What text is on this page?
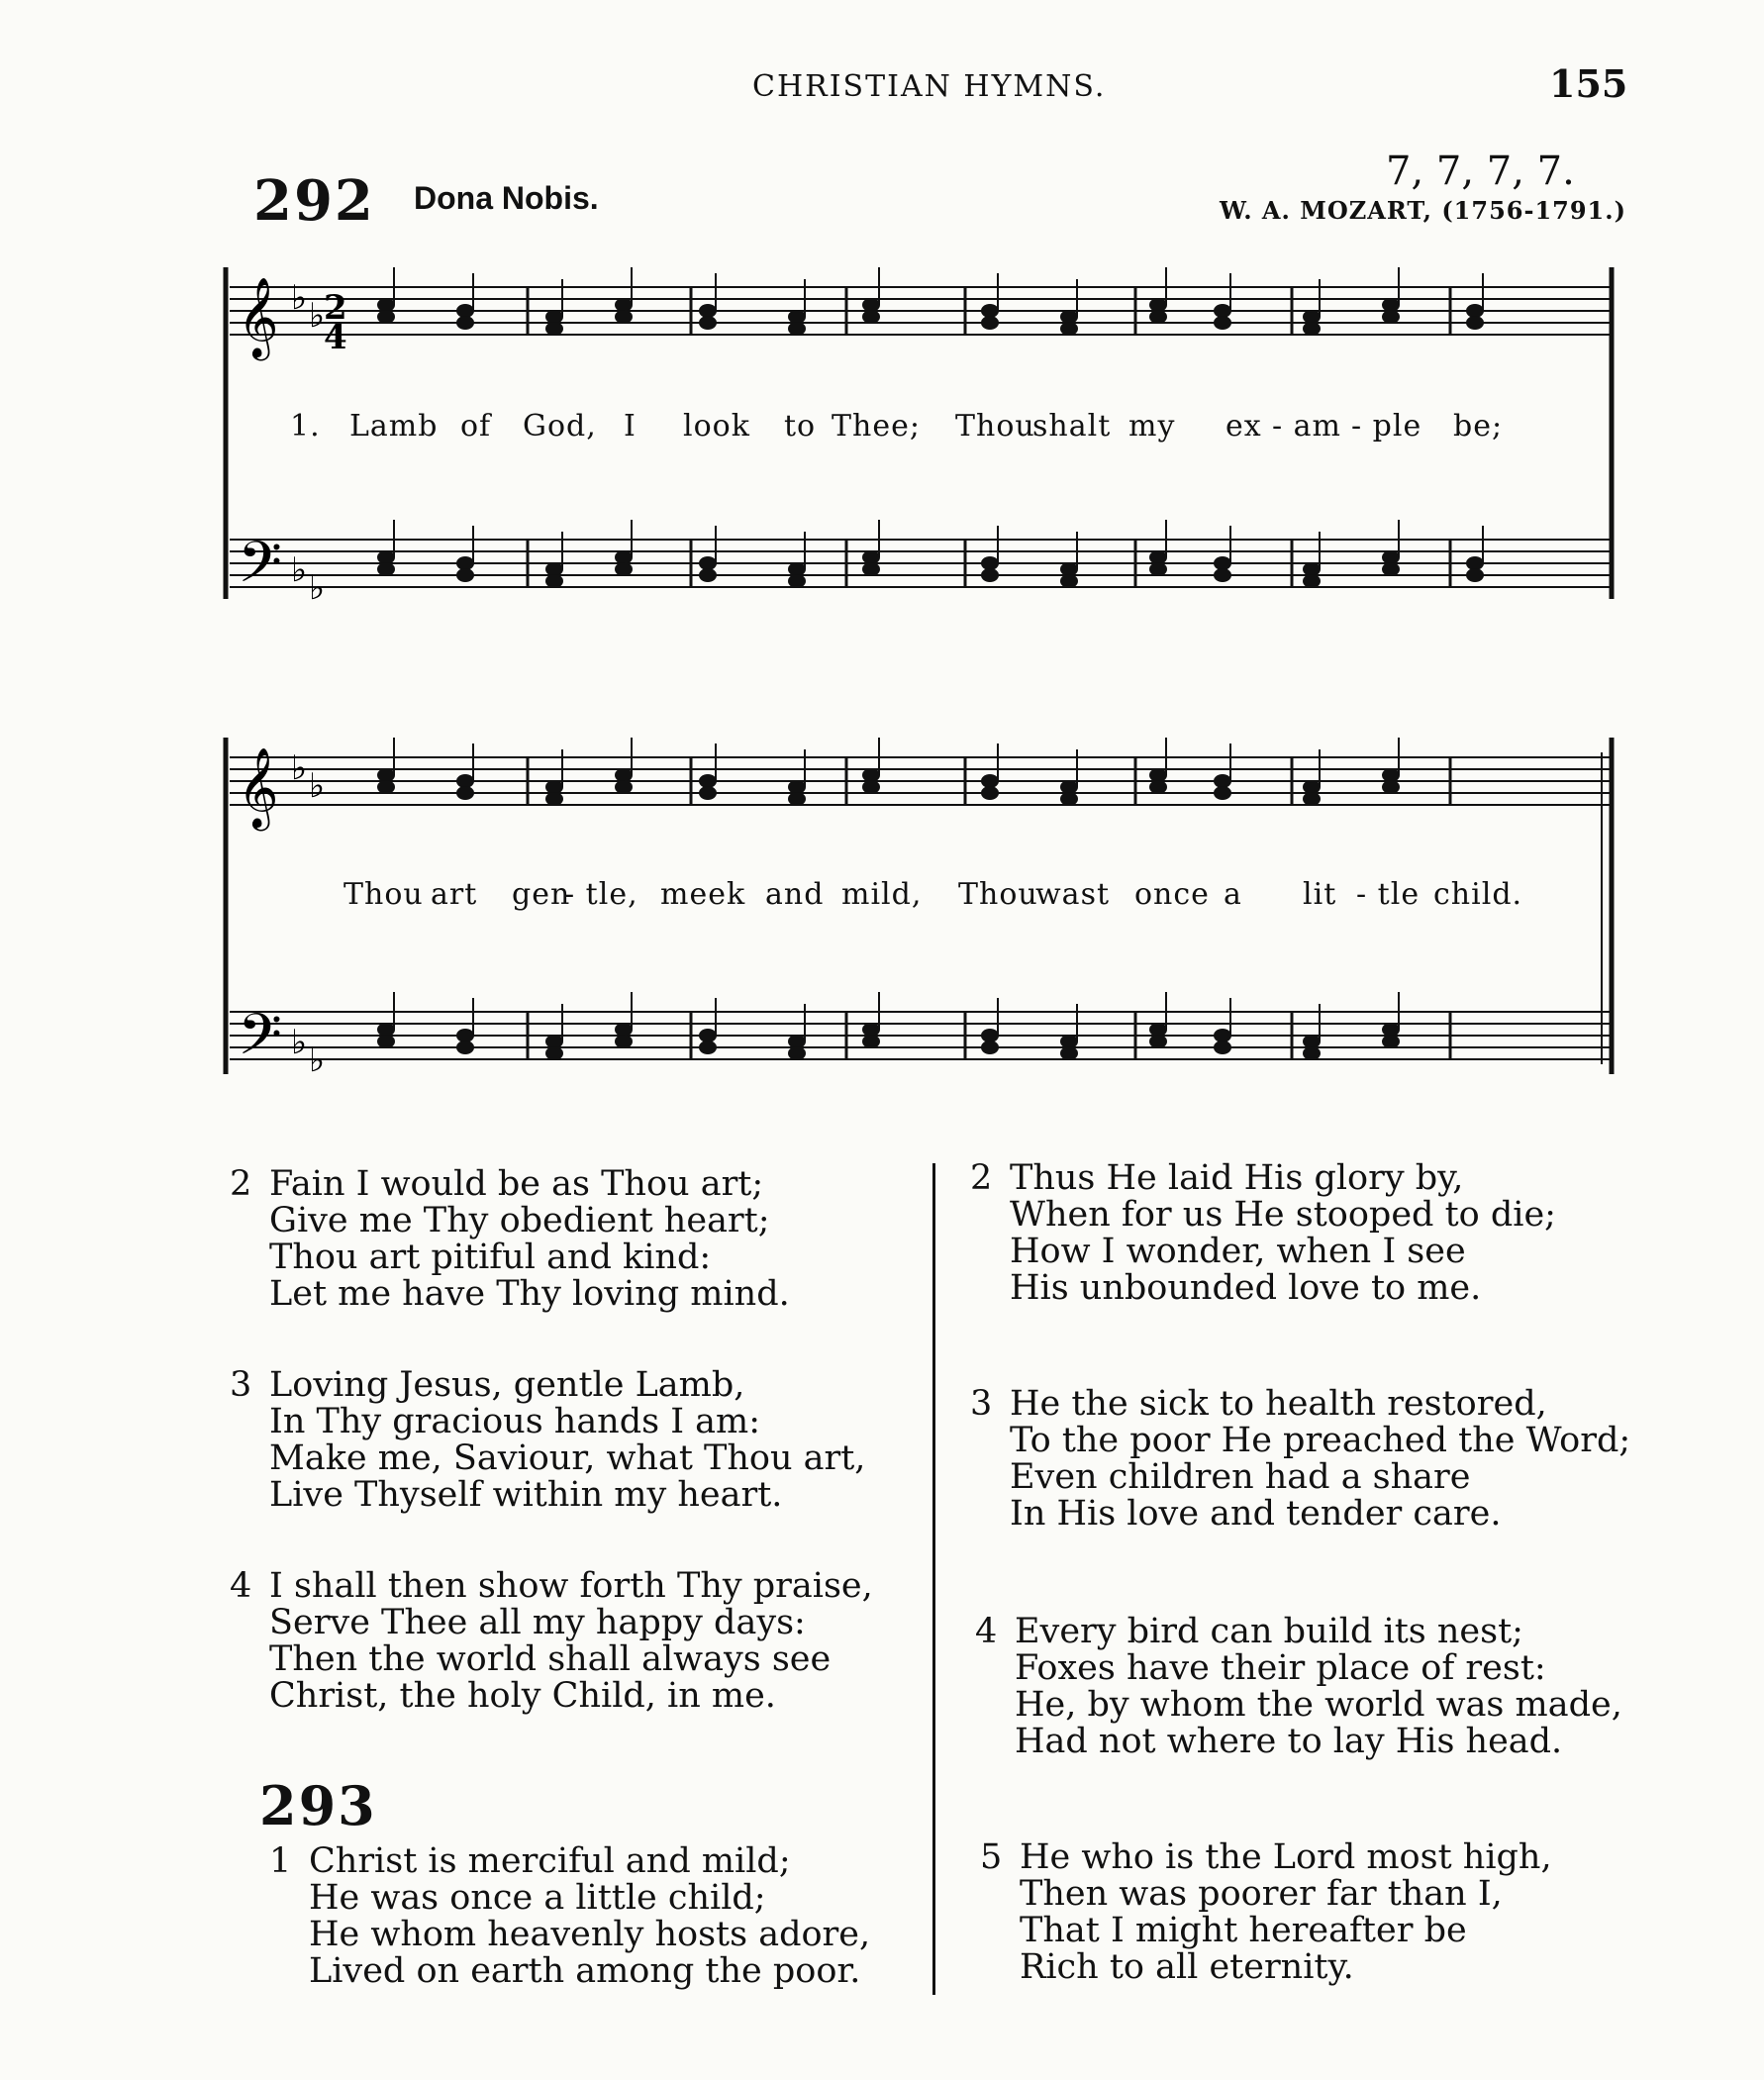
CHRISTIAN HYMNS.	155
292 Dona Nobis.
7, 7, 7, 7.
W. A. MOZART, (1756-1791.)
𝄞 ♭ ♭
𝄢 ♭ ♭
2
4
𝄞 ♭ ♭
𝄢 ♭ ♭
1. Lamb of God, I look to Thee; Thou
shalt my ex - am - ple be;
Thou art gen
- tle, meek and mild, Thou
wast once a lit - tle child.
2 Fain I would be as Thou art;
Give me Thy obedient heart;
Thou art pitiful and kind:
Let me have Thy loving mind.
3 Loving Jesus, gentle Lamb,
In Thy gracious hands I am:
Make me, Saviour, what Thou art,
Live Thyself within my heart.
4 I shall then show forth Thy praise,
Serve Thee all my happy days:
Then the world shall always see
Christ, the holy Child, in me.
293
1 Christ is merciful and mild;
He was once a little child;
He whom heavenly hosts adore,
Lived on earth among the poor.
2 Thus He laid His glory by,
When for us He stooped to die;
How I wonder, when I see
His unbounded love to me.
3 He the sick to health restored,
To the poor He preached the Word;
Even children had a share
In His love and tender care.
4 Every bird can build its nest;
Foxes have their place of rest:
He, by whom the world was made,
Had not where to lay His head.
5 He who is the Lord most high,
Then was poorer far than I,
That I might hereafter be
Rich to all eternity.
